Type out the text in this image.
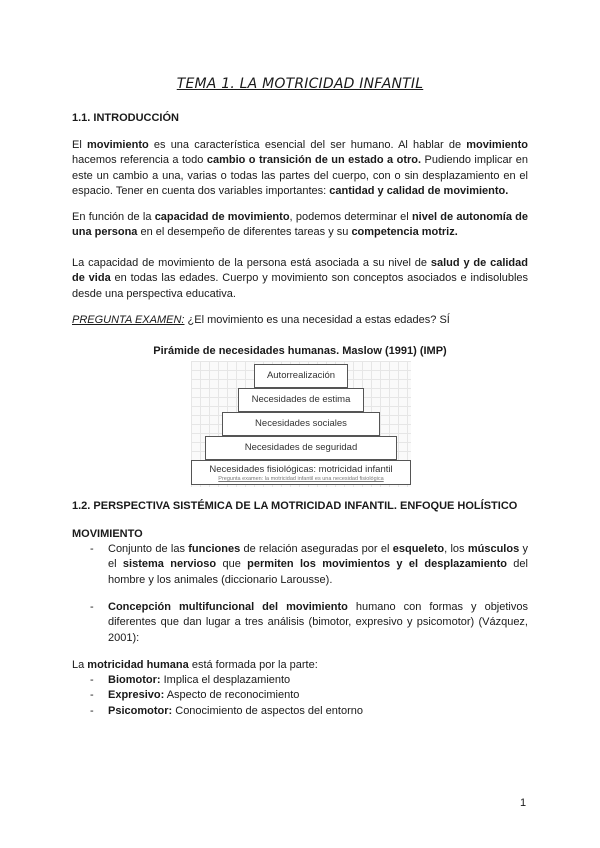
TEMA 1. LA MOTRICIDAD INFANTIL
1.1. INTRODUCCIÓN

El movimiento es una característica esencial del ser humano. Al hablar de movimiento hacemos referencia a todo cambio o transición de un estado a otro. Pudiendo implicar en este un cambio a una, varias o todas las partes del cuerpo, con o sin desplazamiento en el espacio. Tener en cuenta dos variables importantes: cantidad y calidad de movimiento.

En función de la capacidad de movimiento, podemos determinar el nivel de autonomía de una persona en el desempeño de diferentes tareas y su competencia motriz.

La capacidad de movimiento de la persona está asociada a su nivel de salud y de calidad de vida en todas las edades. Cuerpo y movimiento son conceptos asociados e indisolubles desde una perspectiva educativa.

PREGUNTA EXAMEN: ¿El movimiento es una necesidad a estas edades? SÍ
Pirámide de necesidades humanas. Maslow (1991) (IMP)
Autorrealización
Necesidades de estima
Necesidades sociales
Necesidades de seguridad
Necesidades fisiológicas: motricidad infantil
Pregunta examen: la motricidad infantil es una necesidad fisiológica
1.2. PERSPECTIVA SISTÉMICA DE LA MOTRICIDAD INFANTIL. ENFOQUE HOLÍSTICO
MOVIMIENTO
- Conjunto de las funciones de relación aseguradas por el esqueleto, los músculos y el sistema nervioso que permiten los movimientos y el desplazamiento del hombre y los animales (diccionario Larousse).
- Concepción multifuncional del movimiento humano con formas y objetivos diferentes que dan lugar a tres análisis (bimotor, expresivo y psicomotor) (Vázquez, 2001):

La motricidad humana está formada por la parte:

- Biomotor: Implica el desplazamiento
- Expresivo: Aspecto de reconocimiento
- Psicomotor: Conocimiento de aspectos del entorno
1
